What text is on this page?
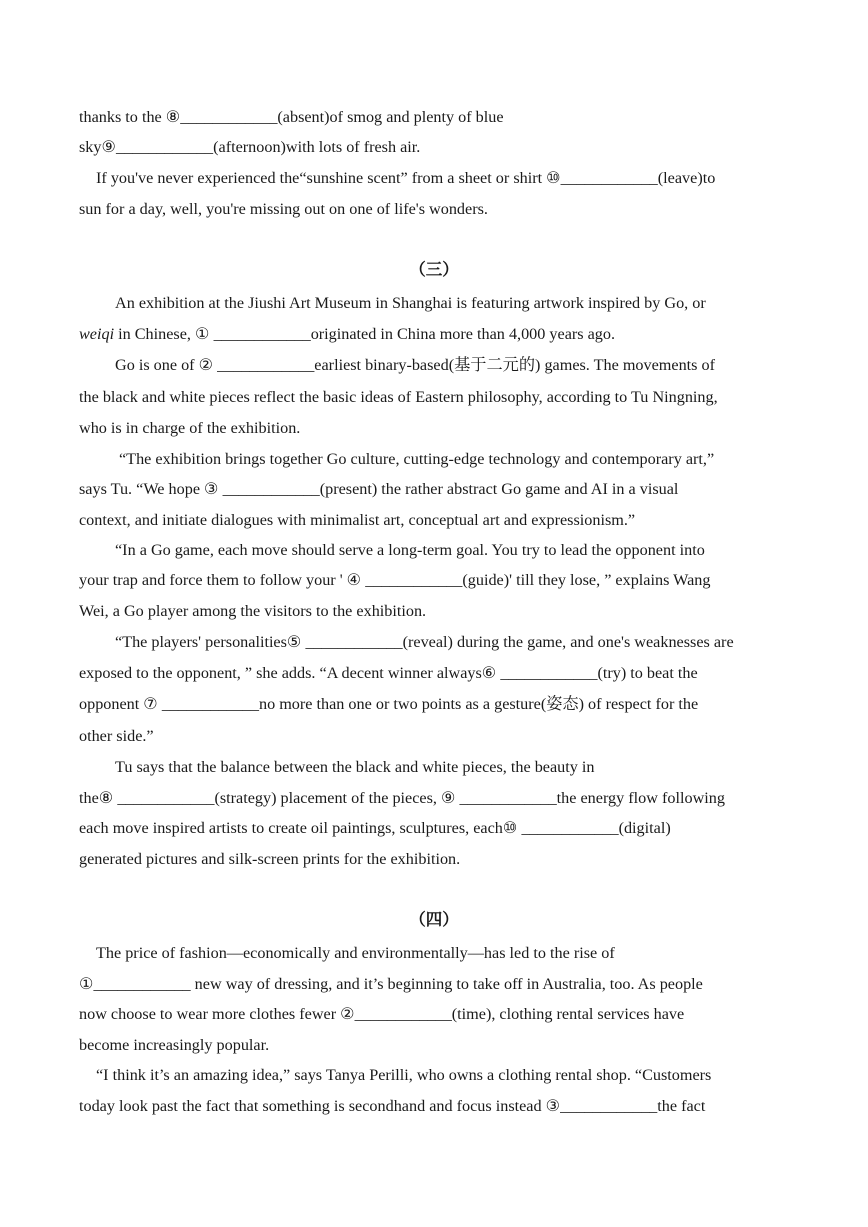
thanks to the ⑧____________(absent)of smog and plenty of blue
sky⑨____________(afternoon)with lots of fresh air.
If you've never experienced the“sunshine scent” from a sheet or shirt ⑩____________(leave)to
sun for a day, well, you're missing out on one of life's wonders.
（三）
An exhibition at the Jiushi Art Museum in Shanghai is featuring artwork inspired by Go, or
weiqi in Chinese, ① ____________originated in China more than 4,000 years ago.
Go is one of ② ____________earliest binary-based(基于二元的) games. The movements of
the black and white pieces reflect the basic ideas of Eastern philosophy, according to Tu Ningning,
who is in charge of the exhibition.
“The exhibition brings together Go culture, cutting-edge technology and contemporary art,”
says Tu. “We hope ③ ____________(present) the rather abstract Go game and AI in a visual
context, and initiate dialogues with minimalist art, conceptual art and expressionism.”
“In a Go game, each move should serve a long-term goal. You try to lead the opponent into
your trap and force them to follow your ' ④ ____________(guide)' till they lose, ” explains Wang
Wei, a Go player among the visitors to the exhibition.
“The players' personalities⑤ ____________(reveal) during the game, and one's weaknesses are
exposed to the opponent, ” she adds. “A decent winner always⑥ ____________(try) to beat the
opponent ⑦ ____________no more than one or two points as a gesture(姿态) of respect for the
other side.”
Tu says that the balance between the black and white pieces, the beauty in
the⑧ ____________(strategy) placement of the pieces, ⑨ ____________the energy flow following
each move inspired artists to create oil paintings, sculptures, each⑩ ____________(digital)
generated pictures and silk-screen prints for the exhibition.
（四）
The price of fashion—economically and environmentally—has led to the rise of
①____________ new way of dressing, and it’s beginning to take off in Australia, too. As people
now choose to wear more clothes fewer ②____________(time), clothing rental services have
become increasingly popular.
“I think it’s an amazing idea,” says Tanya Perilli, who owns a clothing rental shop. “Customers
today look past the fact that something is secondhand and focus instead ③____________the fact
